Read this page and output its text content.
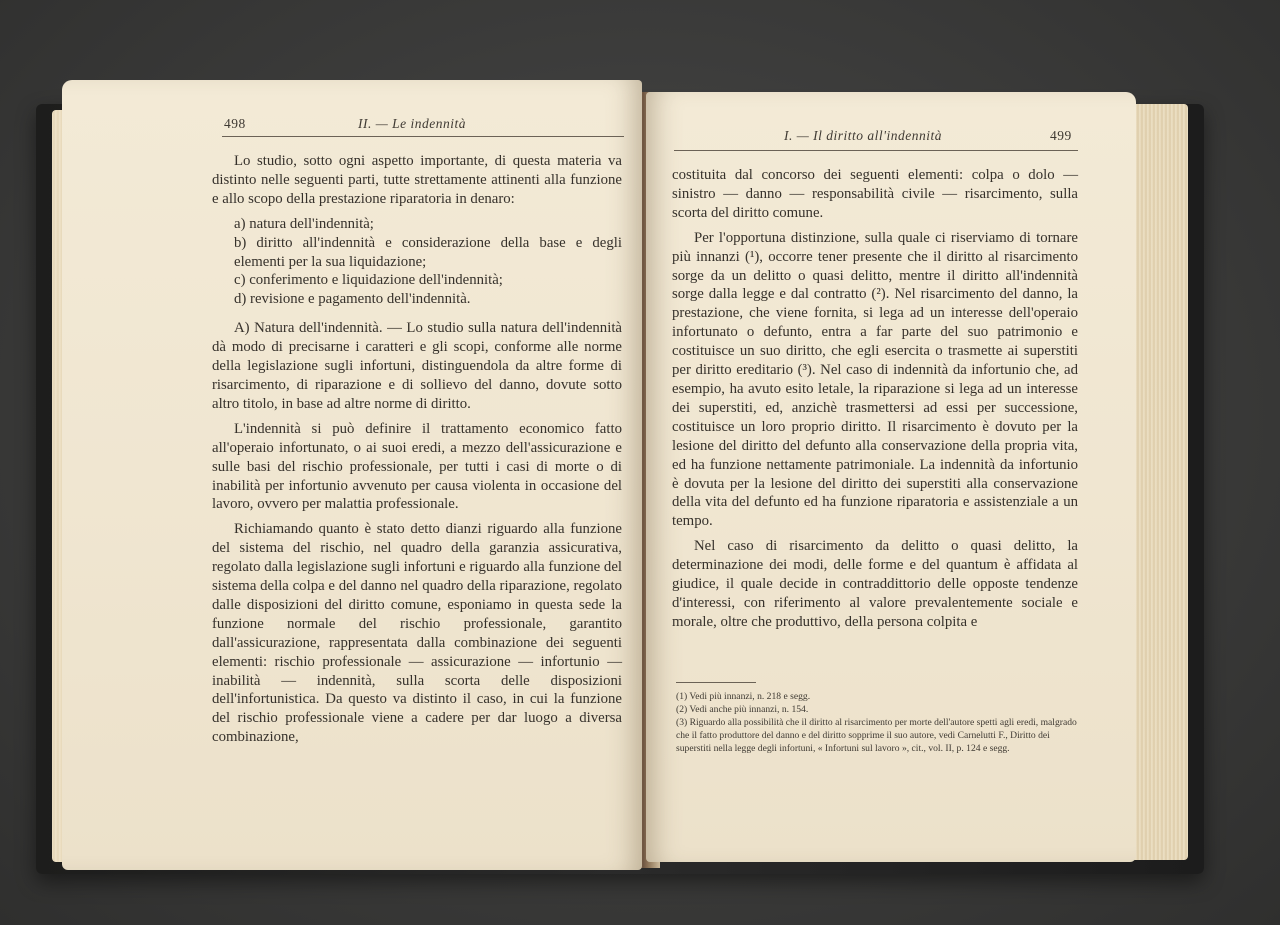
498	II. — Le indennità

Lo studio, sotto ogni aspetto importante, di questa materia va distinto nelle seguenti parti, tutte strettamente attinenti alla funzione e allo scopo della prestazione riparatoria in denaro:

a) natura dell'indennità;
b) diritto all'indennità e considerazione della base e degli elementi per la sua liquidazione;
c) conferimento e liquidazione dell'indennità;
d) revisione e pagamento dell'indennità.

A) Natura dell'indennità. — Lo studio sulla natura dell'indennità dà modo di precisarne i caratteri e gli scopi, conforme alle norme della legislazione sugli infortuni, distinguendola da altre forme di risarcimento, di riparazione e di sollievo del danno, dovute sotto altro titolo, in base ad altre norme di diritto.

L'indennità si può definire il trattamento economico fatto all'operaio infortunato, o ai suoi eredi, a mezzo dell'assicurazione e sulle basi del rischio professionale, per tutti i casi di morte o di inabilità per infortunio avvenuto per causa violenta in occasione del lavoro, ovvero per malattia professionale.

Richiamando quanto è stato detto dianzi riguardo alla funzione del sistema del rischio, nel quadro della garanzia assicurativa, regolato dalla legislazione sugli infortuni e riguardo alla funzione del sistema della colpa e del danno nel quadro della riparazione, regolato dalle disposizioni del diritto comune, esponiamo in questa sede la funzione normale del rischio professionale, garantito dall'assicurazione, rappresentata dalla combinazione dei seguenti elementi: rischio professionale — assicurazione — infortunio — inabilità — indennità, sulla scorta delle disposizioni dell'infortunistica. Da questo va distinto il caso, in cui la funzione del rischio professionale viene a cadere per dar luogo a diversa combinazione,

I. — Il diritto all'indennità	499

costituita dal concorso dei seguenti elementi: colpa o dolo — sinistro — danno — responsabilità civile — risarcimento, sulla scorta del diritto comune.

Per l'opportuna distinzione, sulla quale ci riserviamo di tornare più innanzi (¹), occorre tener presente che il diritto al risarcimento sorge da un delitto o quasi delitto, mentre il diritto all'indennità sorge dalla legge e dal contratto (²). Nel risarcimento del danno, la prestazione, che viene fornita, si lega ad un interesse dell'operaio infortunato o defunto, entra a far parte del suo patrimonio e costituisce un suo diritto, che egli esercita o trasmette ai superstiti per diritto ereditario (³). Nel caso di indennità da infortunio che, ad esempio, ha avuto esito letale, la riparazione si lega ad un interesse dei superstiti, ed, anzichè trasmettersi ad essi per successione, costituisce un loro proprio diritto. Il risarcimento è dovuto per la lesione del diritto del defunto alla conservazione della propria vita, ed ha funzione nettamente patrimoniale. La indennità da infortunio è dovuta per la lesione del diritto dei superstiti alla conservazione della vita del defunto ed ha funzione riparatoria e assistenziale a un tempo.

Nel caso di risarcimento da delitto o quasi delitto, la determinazione dei modi, delle forme e del quantum è affidata al giudice, il quale decide in contraddittorio delle opposte tendenze d'interessi, con riferimento al valore prevalentemente sociale e morale, oltre che produttivo, della persona colpita e

(1) Vedi più innanzi, n. 218 e segg.
(2) Vedi anche più innanzi, n. 154.
(3) Riguardo alla possibilità che il diritto al risarcimento per morte dell'autore spetti agli eredi, malgrado che il fatto produttore del danno e del diritto sopprime il suo autore, vedi Carnelutti F., Diritto dei superstiti nella legge degli infortuni, « Infortuni sul lavoro », cit., vol. II, p. 124 e segg.
